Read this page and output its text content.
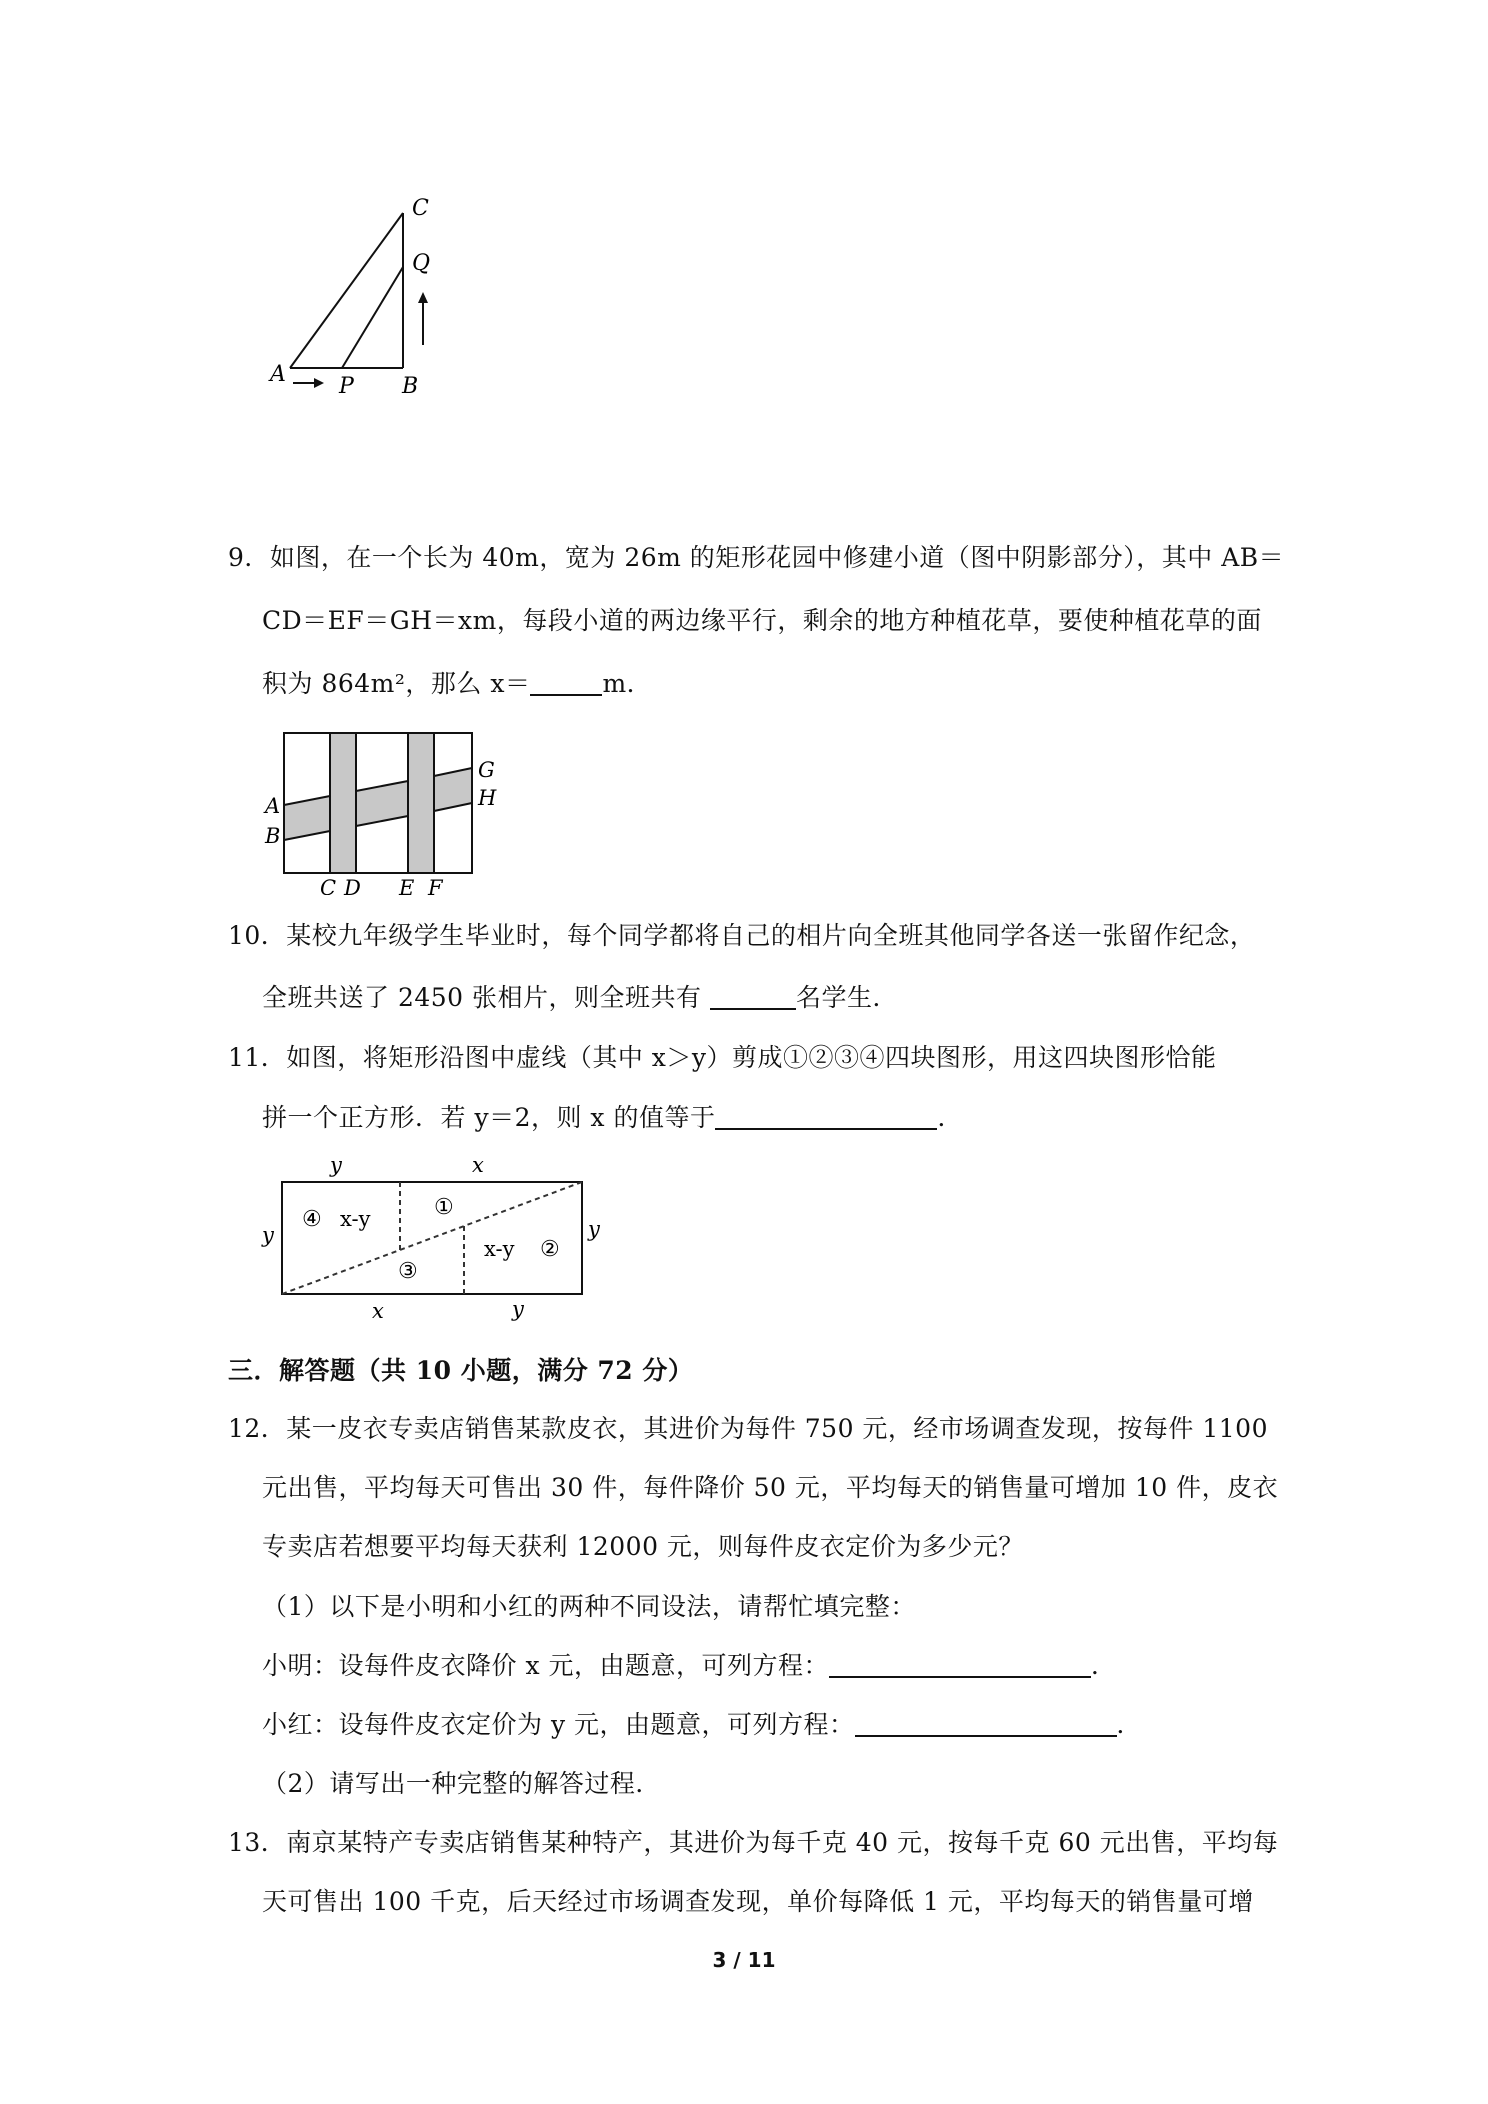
A P B
C
Q
9．如图，在一个长为 40m，宽为 26m 的矩形花园中修建小道（图中阴影部分），其中 AB＝
CD＝EF＝GH＝xm，每段小道的两边缘平行，剩余的地方种植花草，要使种植花草的面
积为 864m²，那么 x＝	m．
A
B
C D E F
G
H
10．某校九年级学生毕业时，每个同学都将自己的相片向全班其他同学各送一张留作纪念，
全班共送了 2450 张相片，则全班共有	名学生．
11．如图，将矩形沿图中虚线（其中 x＞y）剪成①②③④四块图形，用这四块图形恰能
拼一个正方形．若 y＝2，则 x 的值等于	．
y	x
y	y
x	y
④ x-y	①
③
x-y ②
三．解答题（共 10 小题，满分 72 分）
12．某一皮衣专卖店销售某款皮衣，其进价为每件 750 元，经市场调查发现，按每件 1100
元出售，平均每天可售出 30 件，每件降价 50 元，平均每天的销售量可增加 10 件，皮衣
专卖店若想要平均每天获利 12000 元，则每件皮衣定价为多少元？
（1）以下是小明和小红的两种不同设法，请帮忙填完整：
小明：设每件皮衣降价 x 元，由题意，可列方程：	．
小红：设每件皮衣定价为 y 元，由题意，可列方程：	．
（2）请写出一种完整的解答过程．
13．南京某特产专卖店销售某种特产，其进价为每千克 40 元，按每千克 60 元出售，平均每
天可售出 100 千克，后天经过市场调查发现，单价每降低 1 元，平均每天的销售量可增
3 / 11
